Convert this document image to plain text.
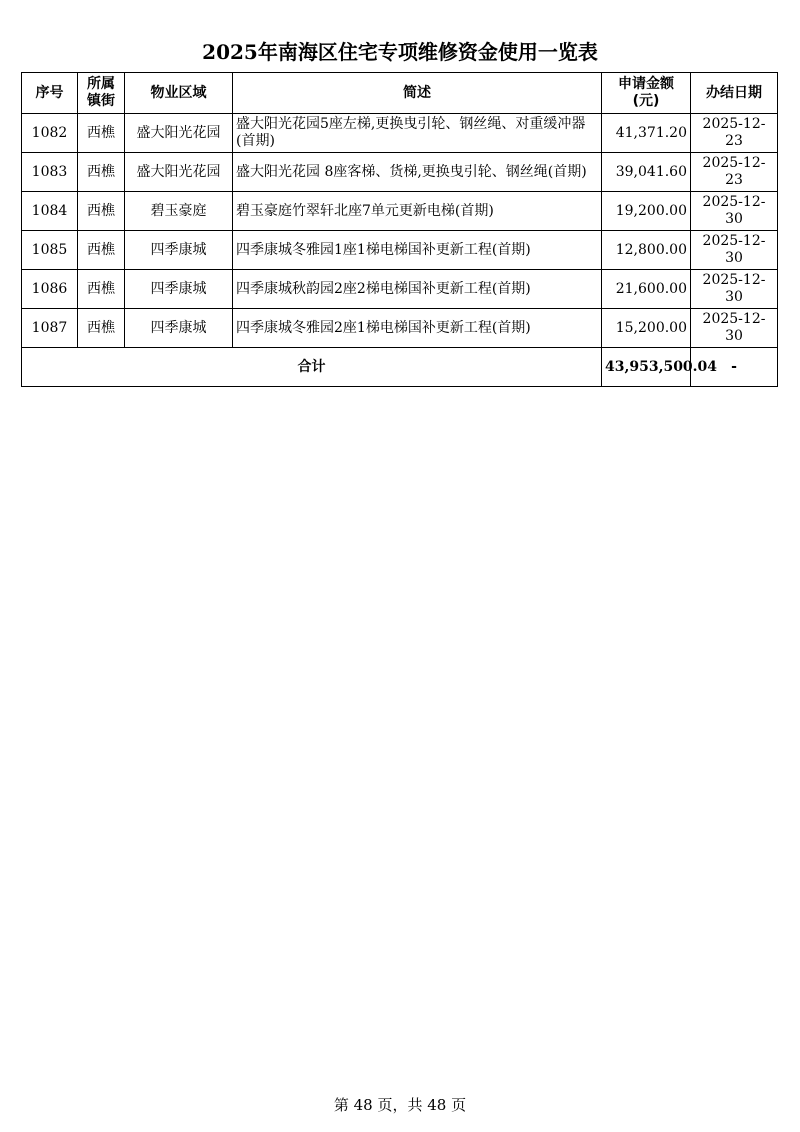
2025年南海区住宅专项维修资金使用一览表
序号	所属镇街	物业区域	简述	申请金额(元)	办结日期
1082	西樵	盛大阳光花园	盛大阳光花园5座左梯,更换曳引轮、钢丝绳、对重缓冲器(首期)	41,371.20	2025-12-23
1083	西樵	盛大阳光花园	盛大阳光花园 8座客梯、货梯,更换曳引轮、钢丝绳(首期)	39,041.60	2025-12-23
1084	西樵	碧玉豪庭	碧玉豪庭竹翠轩北座7单元更新电梯(首期)	19,200.00	2025-12-30
1085	西樵	四季康城	四季康城冬雅园1座1梯电梯国补更新工程(首期)	12,800.00	2025-12-30
1086	西樵	四季康城	四季康城秋韵园2座2梯电梯国补更新工程(首期)	21,600.00	2025-12-30
1087	西樵	四季康城	四季康城冬雅园2座1梯电梯国补更新工程(首期)	15,200.00	2025-12-30
合计				43,953,500.04	-
第 48 页，共 48 页
